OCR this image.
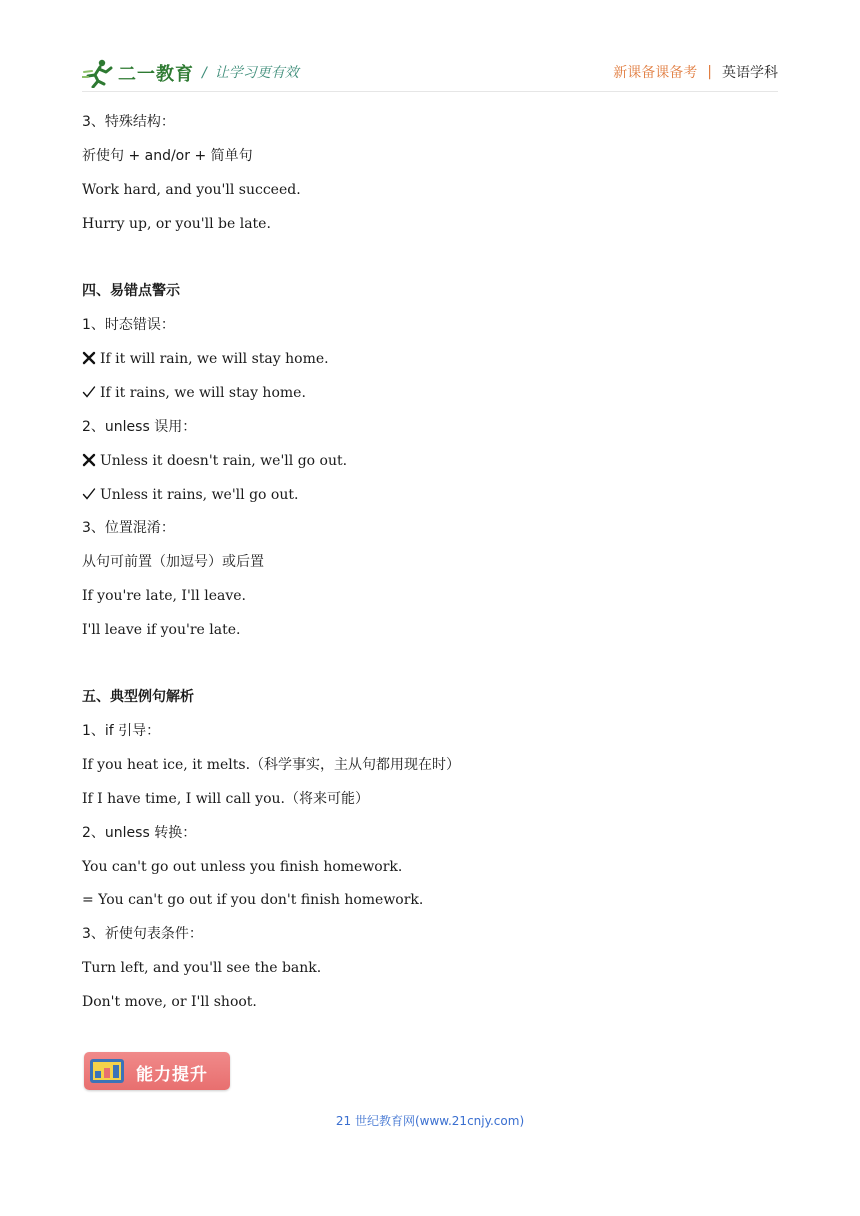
二一教育 / 让学习更有效	新课备课备考 | 英语学科
3、特殊结构：
祈使句 + and/or + 简单句
Work hard, and you'll succeed.
Hurry up, or you'll be late.
四、易错点警示
1、时态错误：
If it will rain, we will stay home.
If it rains, we will stay home.
2、unless 误用：
Unless it doesn't rain, we'll go out.
Unless it rains, we'll go out.
3、位置混淆：
从句可前置（加逗号）或后置
If you're late, I'll leave.
I'll leave if you're late.
五、典型例句解析
1、if 引导：
If you heat ice, it melts.（科学事实，主从句都用现在时）
If I have time, I will call you.（将来可能）
2、unless 转换：
You can't go out unless you finish homework.
= You can't go out if you don't finish homework.
3、祈使句表条件：
Turn left, and you'll see the bank.
Don't move, or I'll shoot.
能力提升
21 世纪教育网(www.21cnjy.com)
